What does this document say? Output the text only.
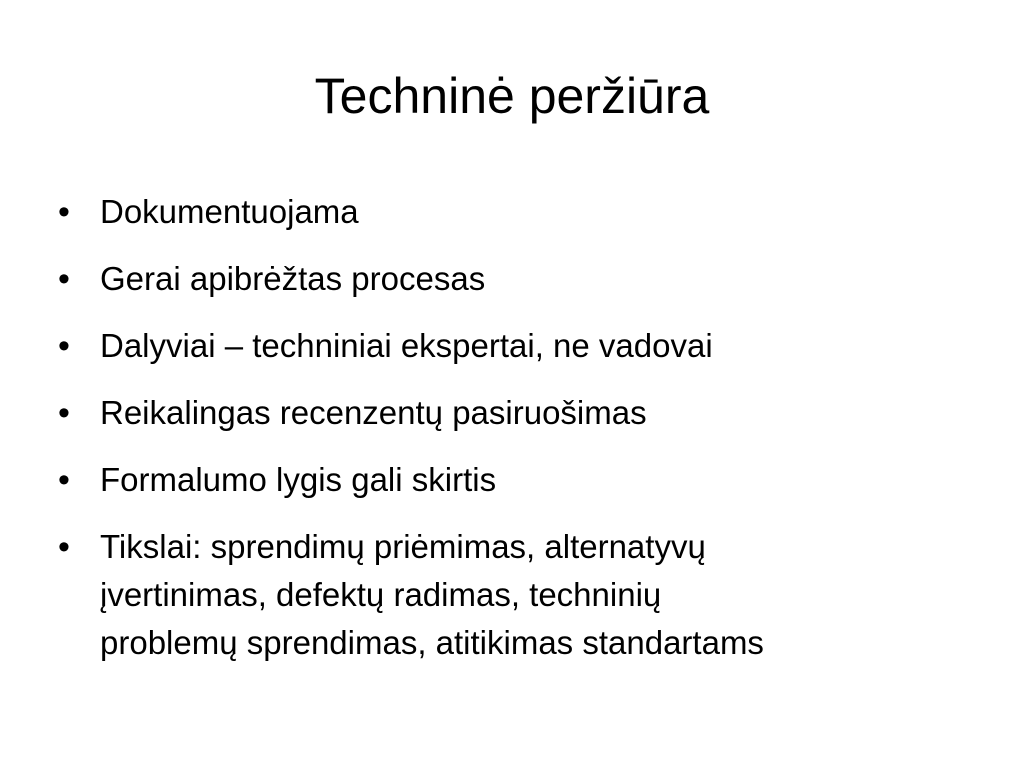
Techninė peržiūra
• Dokumentuojama
• Gerai apibrėžtas procesas
• Dalyviai – techniniai ekspertai, ne vadovai
• Reikalingas recenzentų pasiruošimas
• Formalumo lygis gali skirtis
• Tikslai: sprendimų priėmimas, alternatyvų
įvertinimas, defektų radimas, techninių
problemų sprendimas, atitikimas standartams
